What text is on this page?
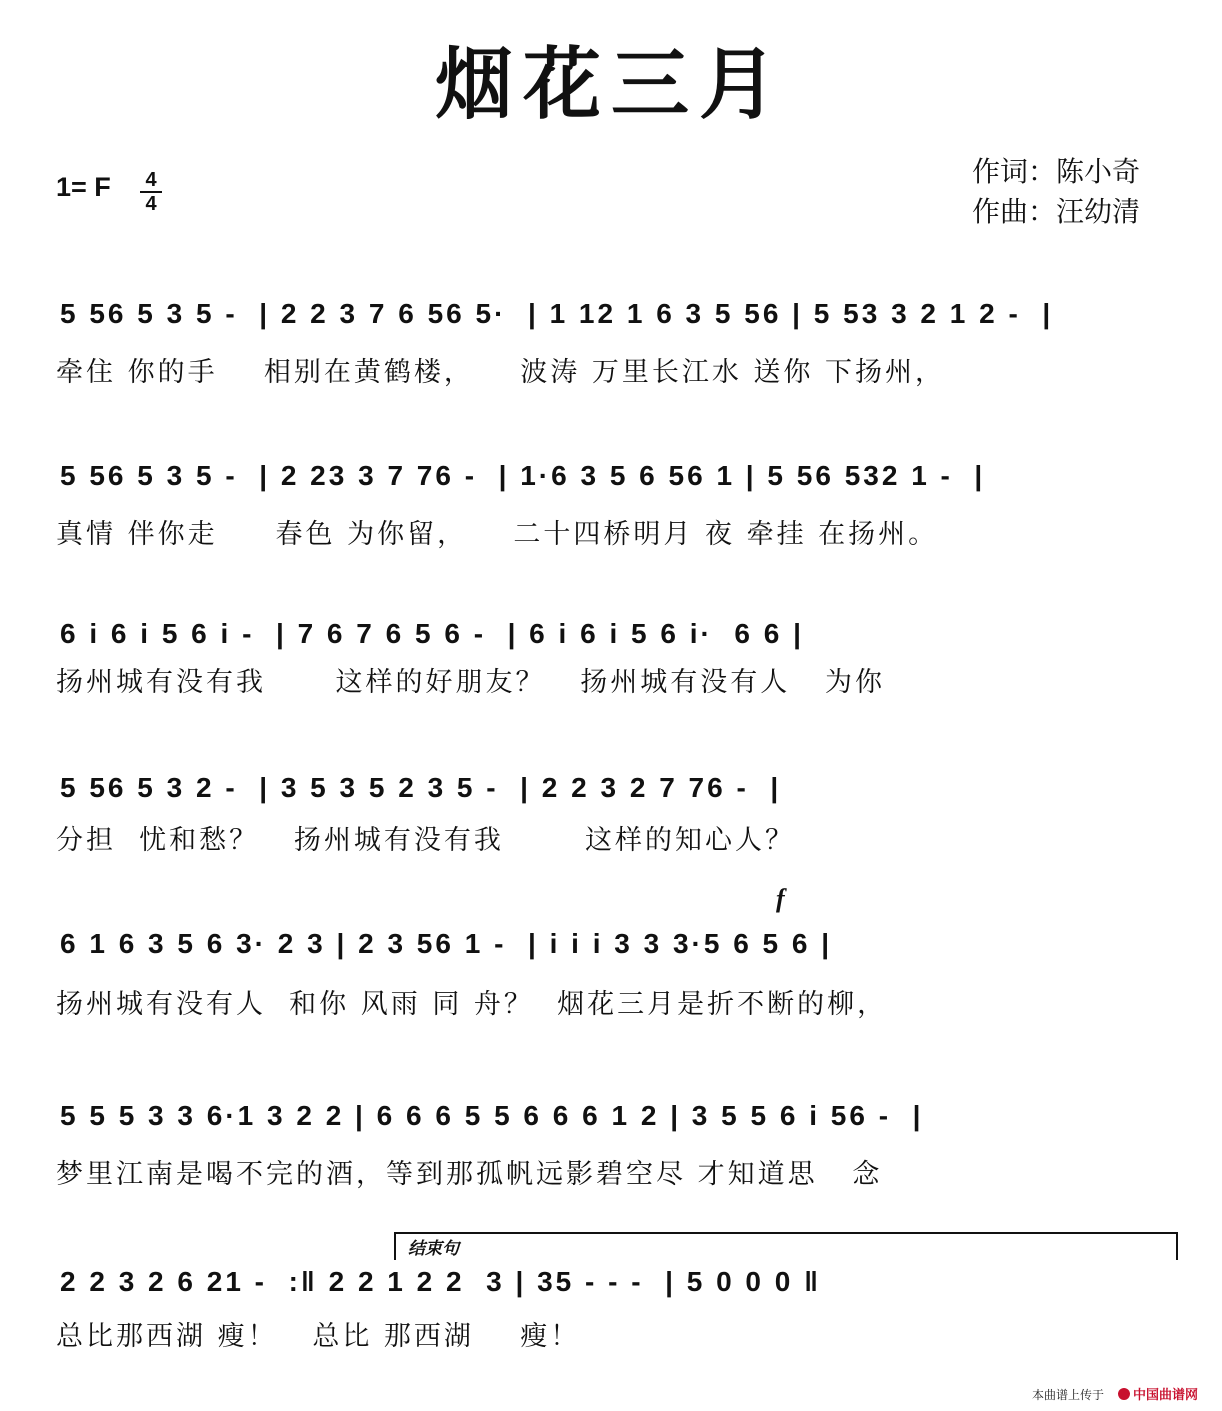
烟花三月
1= F 4
4
作词：陈小奇
作曲：汪幼清
5 56 5 3 5 -  | 2 2 3 7 6 56 5·  | 1 12 1 6 3 5 56 | 5 53 3 2 1 2 -  |
牵住 你的手    相别在黄鹤楼，    波涛 万里长江水 送你 下扬州，
5 56 5 3 5 -  | 2 23 3 7 76 -  | 1·6 3 5 6 56 1 | 5 56 532 1 -  |
真情 伴你走     春色 为你留，    二十四桥明月 夜 牵挂 在扬州。
6 i 6 i 5 6 i -  | 7 6 7 6 5 6 -  | 6 i 6 i 5 6 i·  6 6 |
扬州城有没有我      这样的好朋友？   扬州城有没有人   为你
5 56 5 3 2 -  | 3 5 3 5 2 3 5 -  | 2 2 3 2 7 76 -  |
分担  忧和愁？   扬州城有没有我       这样的知心人？
f
6 1 6 3 5 6 3· 2 3 | 2 3 56 1 -  | i i i 3 3 3·5 6 5 6 |
扬州城有没有人  和你 风雨 同 舟？  烟花三月是折不断的柳，
5 5 5 3 3 6·1 3 2 2 | 6 6 6 5 5 6 6 6 1 2 | 3 5 5 6 i 56 -  |
梦里江南是喝不完的酒，等到那孤帆远影碧空尽 才知道思   念
结束句
2 2 3 2 6 21 -  :‖ 2 2 1 2 2  3 | 35 - - -  | 5 0 0 0 ‖
总比那西湖 瘦！   总比 那西湖    瘦！
本曲谱上传于	中国曲谱网
